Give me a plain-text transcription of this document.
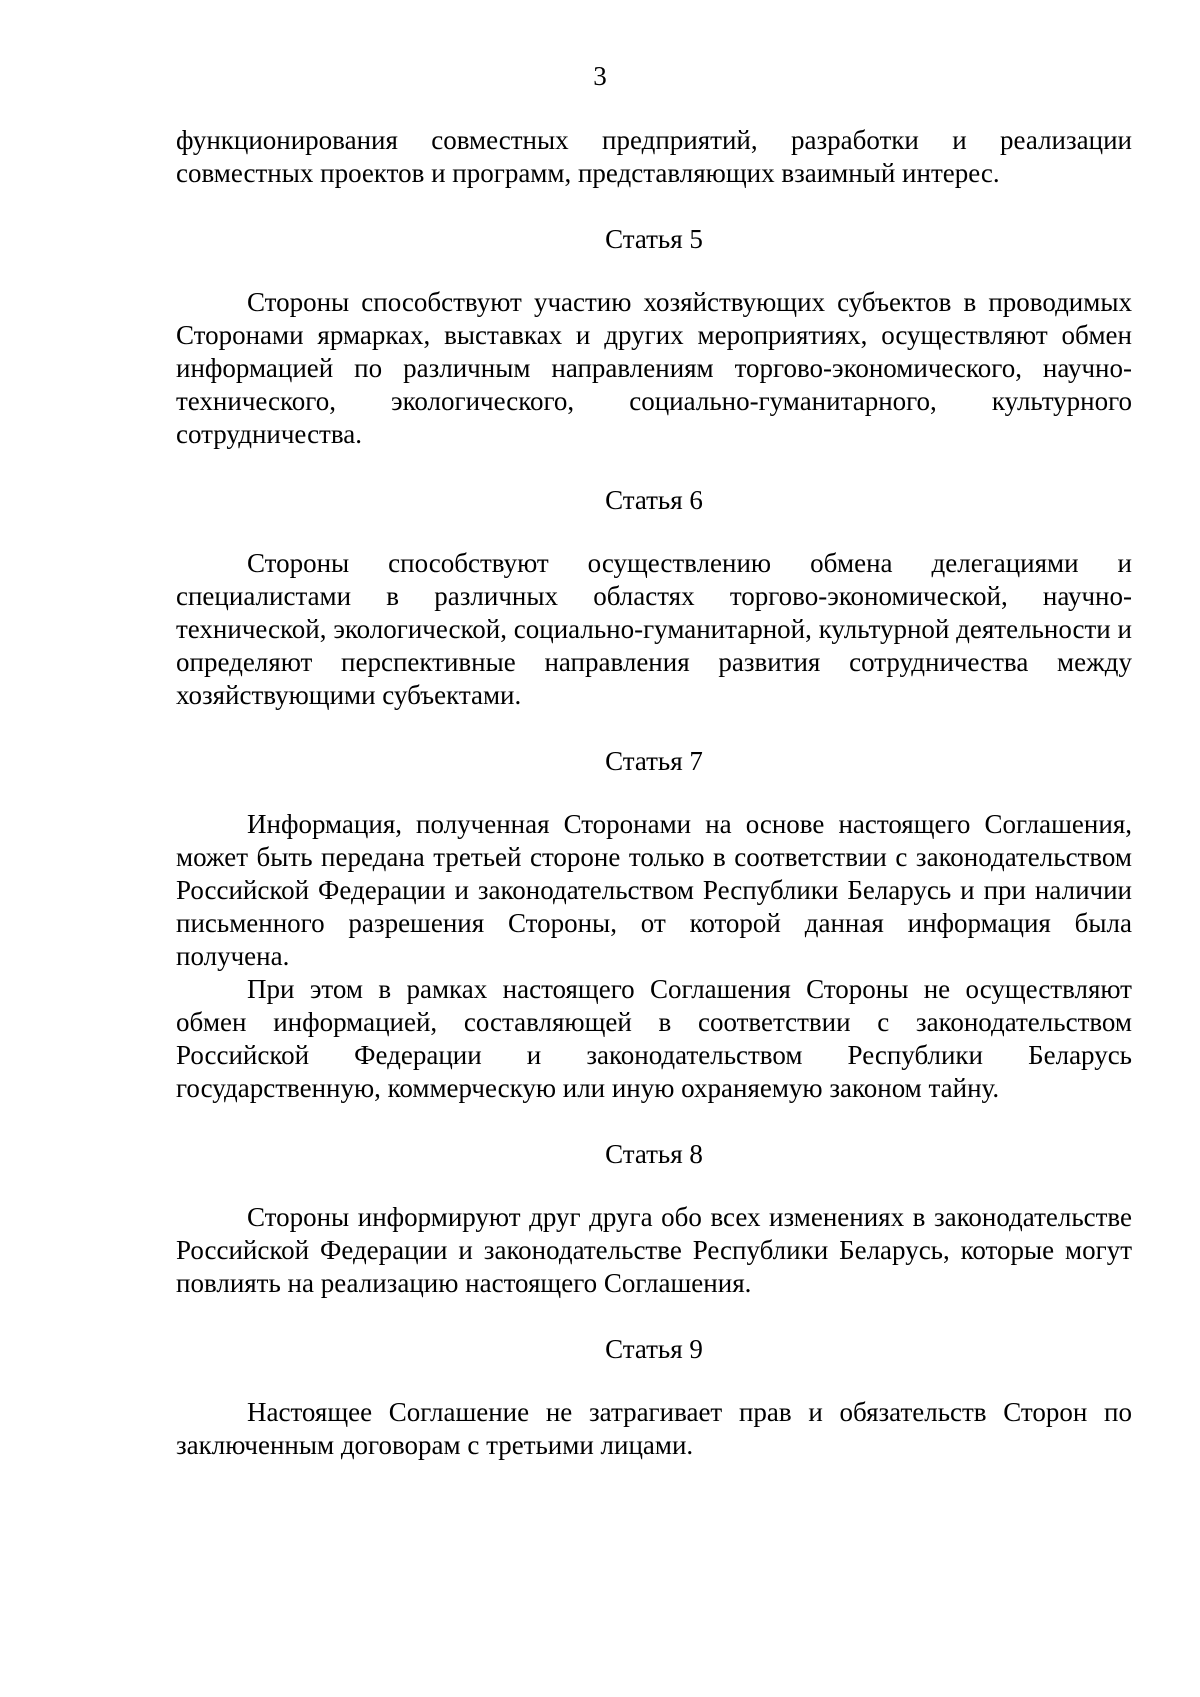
3

функционирования совместных предприятий, разработки и реализации совместных проектов и программ, представляющих взаимный интерес.

Статья 5

Стороны способствуют участию хозяйствующих субъектов в проводимых Сторонами ярмарках, выставках и других мероприятиях, осуществляют обмен информацией по различным направлениям торгово-экономического, научно-технического, экологического, социально-гуманитарного, культурного сотрудничества.

Статья 6

Стороны способствуют осуществлению обмена делегациями и специалистами в различных областях торгово-экономической, научно-технической, экологической, социально-гуманитарной, культурной деятельности и определяют перспективные направления развития сотрудничества между хозяйствующими субъектами.

Статья 7

Информация, полученная Сторонами на основе настоящего Соглашения, может быть передана третьей стороне только в соответствии с законодательством Российской Федерации и законодательством Республики Беларусь и при наличии письменного разрешения Стороны, от которой данная информация была получена.

При этом в рамках настоящего Соглашения Стороны не осуществляют обмен информацией, составляющей в соответствии с законодательством Российской Федерации и законодательством Республики Беларусь государственную, коммерческую или иную охраняемую законом тайну.

Статья 8

Стороны информируют друг друга обо всех изменениях в законодательстве Российской Федерации и законодательстве Республики Беларусь, которые могут повлиять на реализацию настоящего Соглашения.

Статья 9

Настоящее Соглашение не затрагивает прав и обязательств Сторон по заключенным договорам с третьими лицами.
